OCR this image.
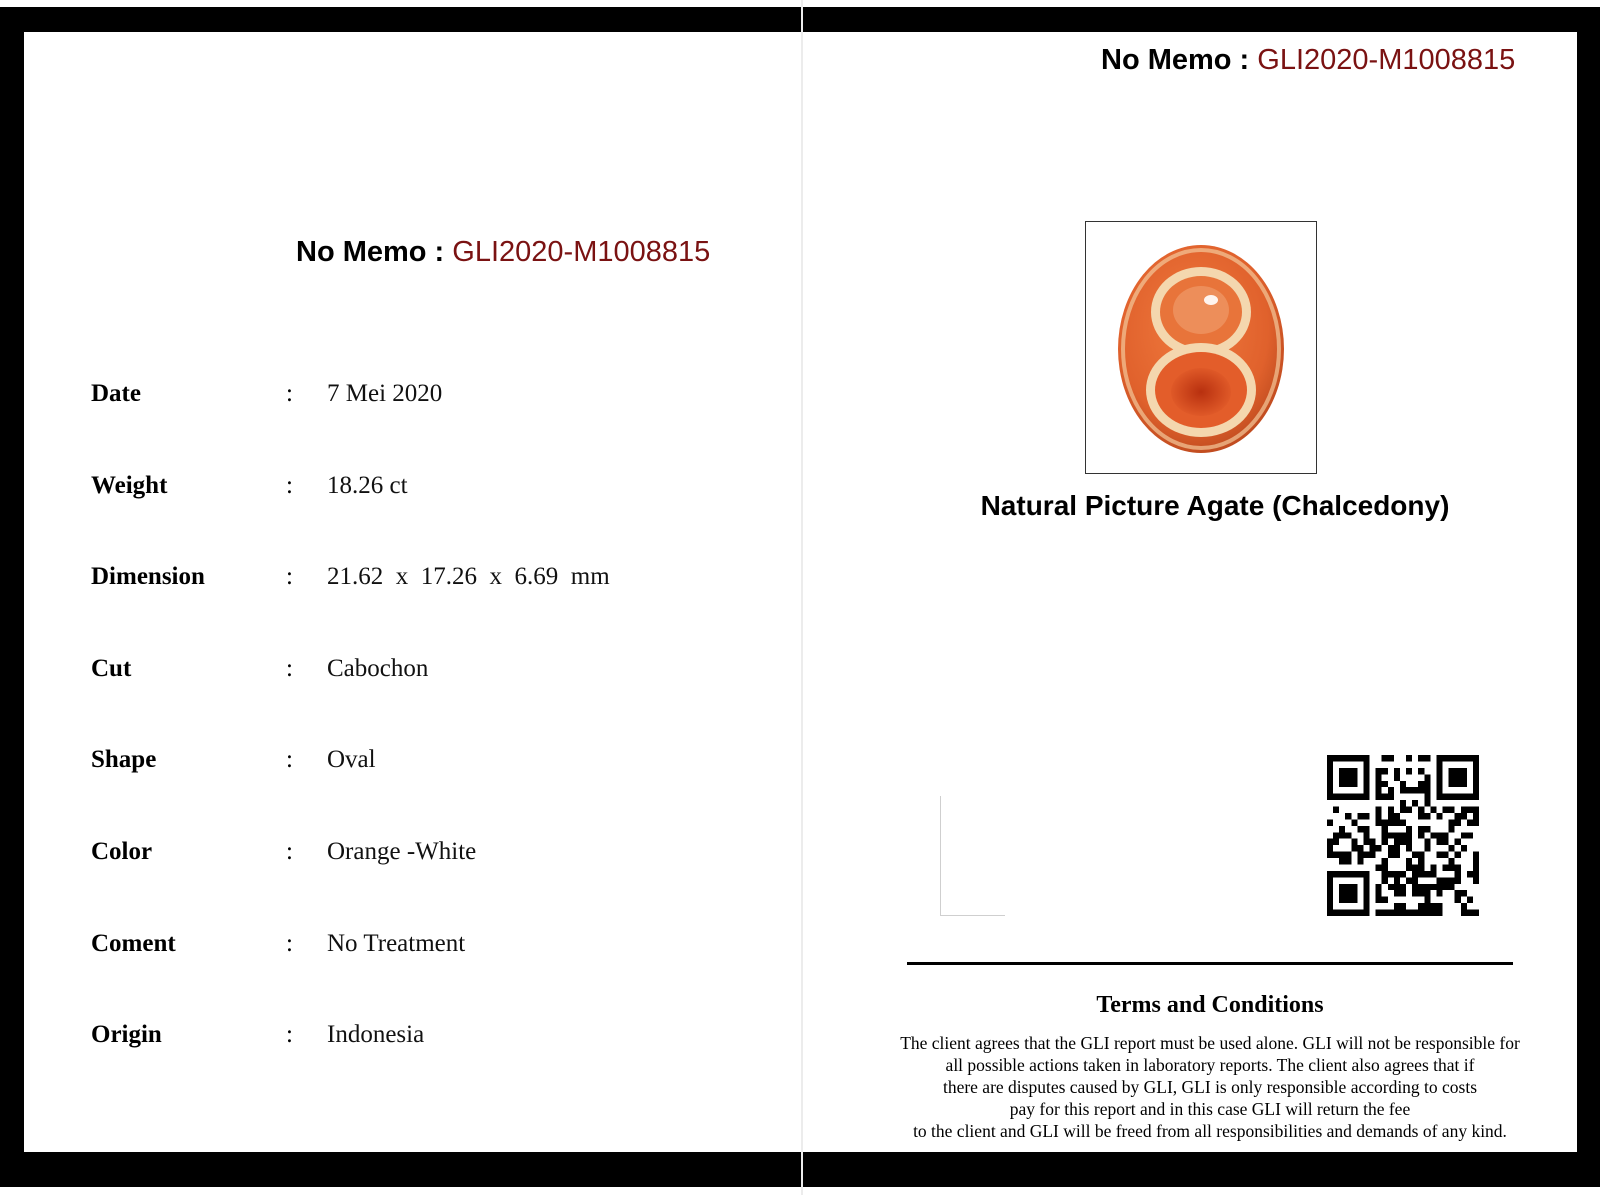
No Memo : GLI2020-M1008815
Date	: 7 Mei 2020
Weight	: 18.26 ct
Dimension	: 21.62  x  17.26  x  6.69  mm
Cut	: Cabochon
Shape	: Oval
Color	: Orange -White
Coment	: No Treatment
Origin	: Indonesia
No Memo : GLI2020-M1008815
Natural Picture Agate (Chalcedony)
Terms and Conditions
The client agrees that the GLI report must be used alone. GLI will not be responsible for
all possible actions taken in laboratory reports. The client also agrees that if
there are disputes caused by GLI, GLI is only responsible according to costs
pay for this report and in this case GLI will return the fee
to the client and GLI will be freed from all responsibilities and demands of any kind.
